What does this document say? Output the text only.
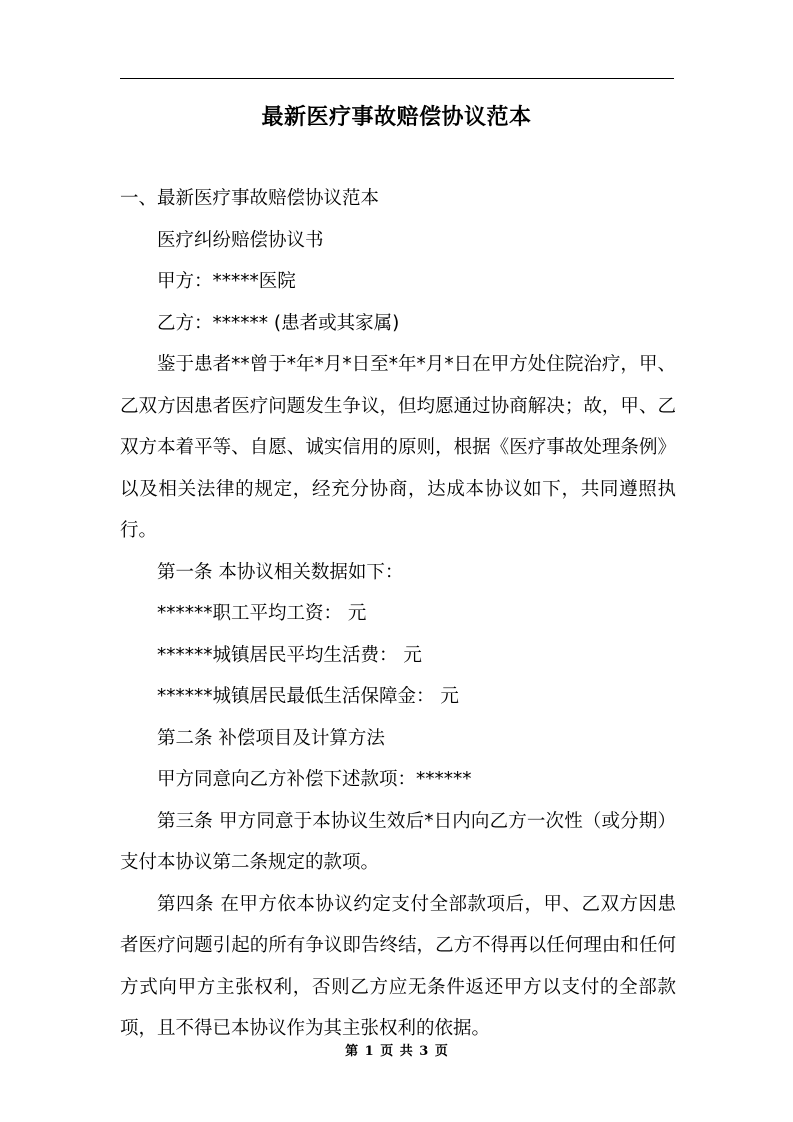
最新医疗事故赔偿协议范本

一、最新医疗事故赔偿协议范本

医疗纠纷赔偿协议书

甲方：*****医院

乙方：****** (患者或其家属)

鉴于患者**曾于*年*月*日至*年*月*日在甲方处住院治疗，甲、乙双方因患者医疗问题发生争议，但均愿通过协商解决；故，甲、乙双方本着平等、自愿、诚实信用的原则，根据《医疗事故处理条例》以及相关法律的规定，经充分协商，达成本协议如下，共同遵照执行。

第一条 本协议相关数据如下：

******职工平均工资： 元

******城镇居民平均生活费： 元

******城镇居民最低生活保障金： 元

第二条 补偿项目及计算方法

甲方同意向乙方补偿下述款项：******

第三条 甲方同意于本协议生效后*日内向乙方一次性（或分期）支付本协议第二条规定的款项。

第四条 在甲方依本协议约定支付全部款项后，甲、乙双方因患者医疗问题引起的所有争议即告终结，乙方不得再以任何理由和任何方式向甲方主张权利，否则乙方应无条件返还甲方以支付的全部款项，且不得已本协议作为其主张权利的依据。

第 1 页 共 3 页
